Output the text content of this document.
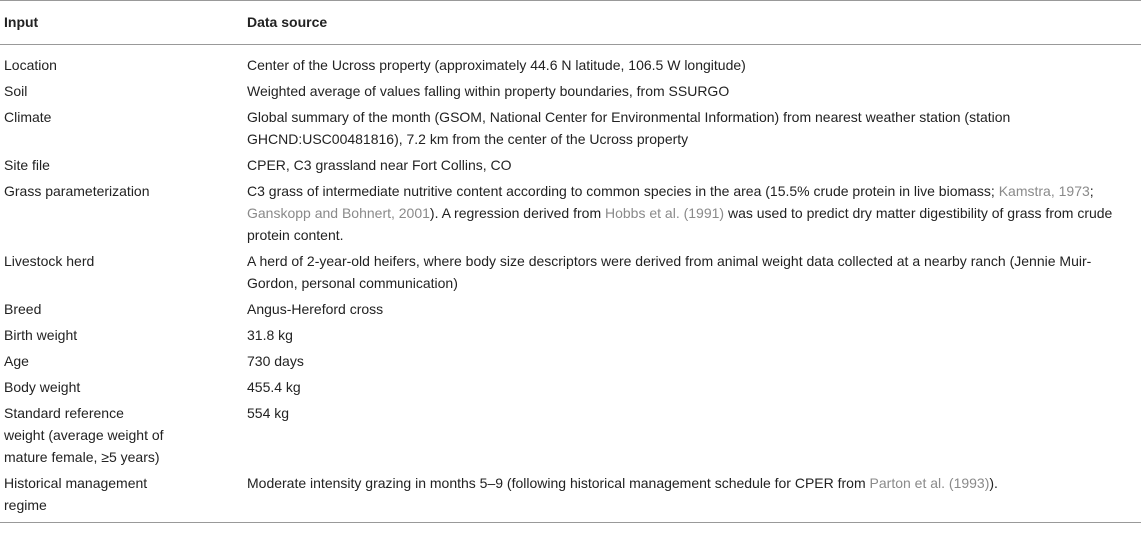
Input	Data source
Location	Center of the Ucross property (approximately 44.6 N latitude, 106.5 W longitude)
Soil	Weighted average of values falling within property boundaries, from SSURGO
Climate	Global summary of the month (GSOM, National Center for Environmental Information) from nearest weather station (station GHCND:USC00481816), 7.2 km from the center of the Ucross property
Site file	CPER, C3 grassland near Fort Collins, CO
Grass parameterization	C3 grass of intermediate nutritive content according to common species in the area (15.5% crude protein in live biomass; Kamstra, 1973; Ganskopp and Bohnert, 2001). A regression derived from Hobbs et al. (1991) was used to predict dry matter digestibility of grass from crude protein content.
Livestock herd	A herd of 2-year-old heifers, where body size descriptors were derived from animal weight data collected at a nearby ranch (Jennie Muir-Gordon, personal communication)
Breed	Angus-Hereford cross
Birth weight	31.8 kg
Age	730 days
Body weight	455.4 kg
Standard reference weight (average weight of mature female, ≥5 years)	554 kg
Historical management regime	Moderate intensity grazing in months 5–9 (following historical management schedule for CPER from Parton et al. (1993)).
